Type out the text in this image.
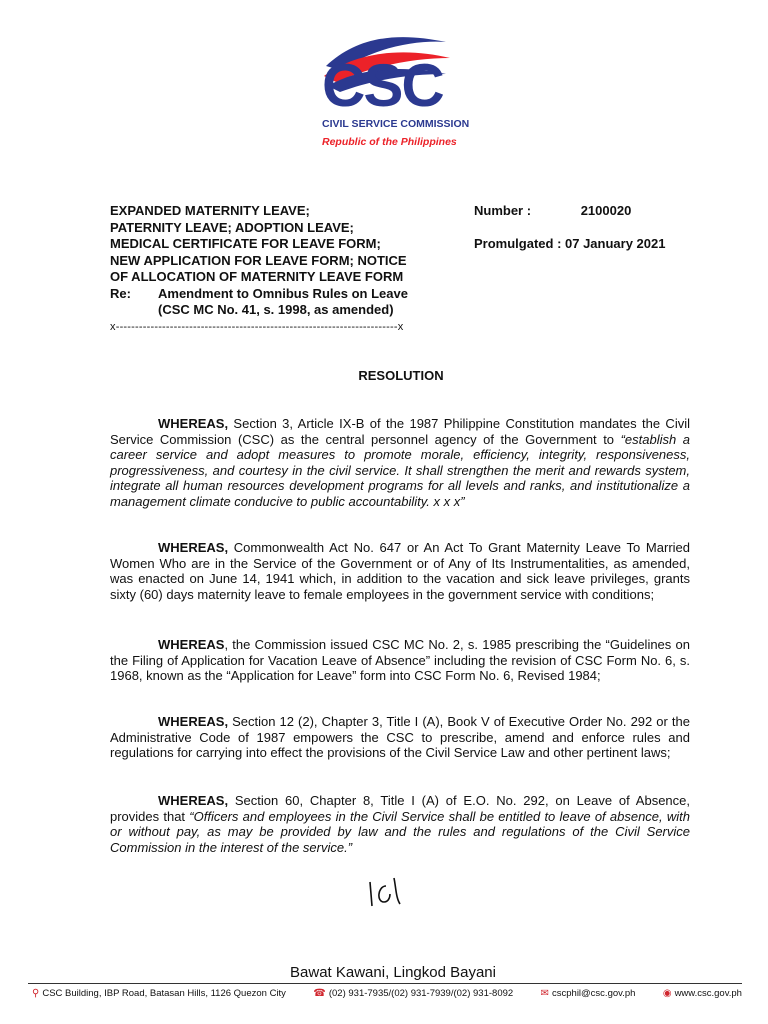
CSC
CIVIL SERVICE COMMISSION
Republic of the Philippines
EXPANDED MATERNITY LEAVE;
PATERNITY LEAVE; ADOPTION LEAVE;
MEDICAL CERTIFICATE FOR LEAVE FORM;
NEW APPLICATION FOR LEAVE FORM; NOTICE
OF ALLOCATION OF MATERNITY LEAVE FORM
Re:	Amendment to Omnibus Rules on Leave
(CSC MC No. 41, s. 1998, as amended)
Number :	2100020
Promulgated : 07 January 2021
x-------------------------------------------------------------------------x
RESOLUTION
WHEREAS, Section 3, Article IX-B of the 1987 Philippine Constitution mandates the Civil Service Commission (CSC) as the central personnel agency of the Government to “establish a career service and adopt measures to promote morale, efficiency, integrity, responsiveness, progressiveness, and courtesy in the civil service. It shall strengthen the merit and rewards system, integrate all human resources development programs for all levels and ranks, and institutionalize a management climate conducive to public accountability. x x x”
WHEREAS, Commonwealth Act No. 647 or An Act To Grant Maternity Leave To Married Women Who are in the Service of the Government or of Any of Its Instrumentalities, as amended, was enacted on June 14, 1941 which, in addition to the vacation and sick leave privileges, grants sixty (60) days maternity leave to female employees in the government service with conditions;
WHEREAS, the Commission issued CSC MC No. 2, s. 1985 prescribing the “Guidelines on the Filing of Application for Vacation Leave of Absence” including the revision of CSC Form No. 6, s. 1968, known as the “Application for Leave” form into CSC Form No. 6, Revised 1984;
WHEREAS, Section 12 (2), Chapter 3, Title I (A), Book V of Executive Order No. 292 or the Administrative Code of 1987 empowers the CSC to prescribe, amend and enforce rules and regulations for carrying into effect the provisions of the Civil Service Law and other pertinent laws;
WHEREAS, Section 60, Chapter 8, Title I (A) of E.O. No. 292, on Leave of Absence, provides that “Officers and employees in the Civil Service shall be entitled to leave of absence, with or without pay, as may be provided by law and the rules and regulations of the Civil Service Commission in the interest of the service.”
Bawat Kawani, Lingkod Bayani
⚲ CSC Building, IBP Road, Batasan Hills, 1126 Quezon City	☎ (02) 931-7935/(02) 931-7939/(02) 931-8092	✉ cscphil@csc.gov.ph	◉ www.csc.gov.ph
